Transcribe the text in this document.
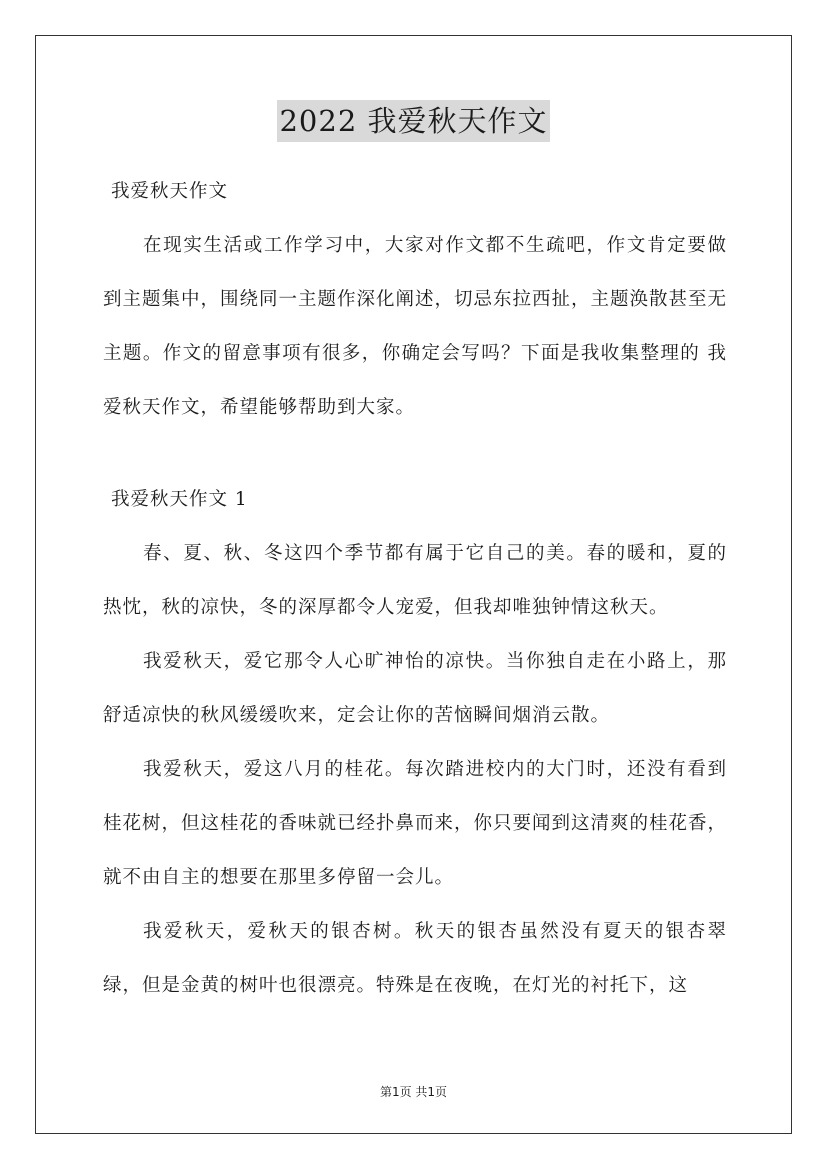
2022 我爱秋天作文

我爱秋天作文

在现实生活或工作学习中，大家对作文都不生疏吧，作文肯定要做到主题集中，围绕同一主题作深化阐述，切忌东拉西扯，主题涣散甚至无主题。作文的留意事项有很多，你确定会写吗？下面是我收集整理的 我爱秋天作文，希望能够帮助到大家。

我爱秋天作文 1

春、夏、秋、冬这四个季节都有属于它自己的美。春的暖和，夏的热忱，秋的凉快，冬的深厚都令人宠爱，但我却唯独钟情这秋天。

我爱秋天，爱它那令人心旷神怡的凉快。当你独自走在小路上，那舒适凉快的秋风缓缓吹来，定会让你的苦恼瞬间烟消云散。

我爱秋天，爱这八月的桂花。每次踏进校内的大门时，还没有看到桂花树，但这桂花的香味就已经扑鼻而来，你只要闻到这清爽的桂花香，就不由自主的想要在那里多停留一会儿。

我爱秋天，爱秋天的银杏树。秋天的银杏虽然没有夏天的银杏翠绿，但是金黄的树叶也很漂亮。特殊是在夜晚，在灯光的衬托下，这

第1页 共1页
